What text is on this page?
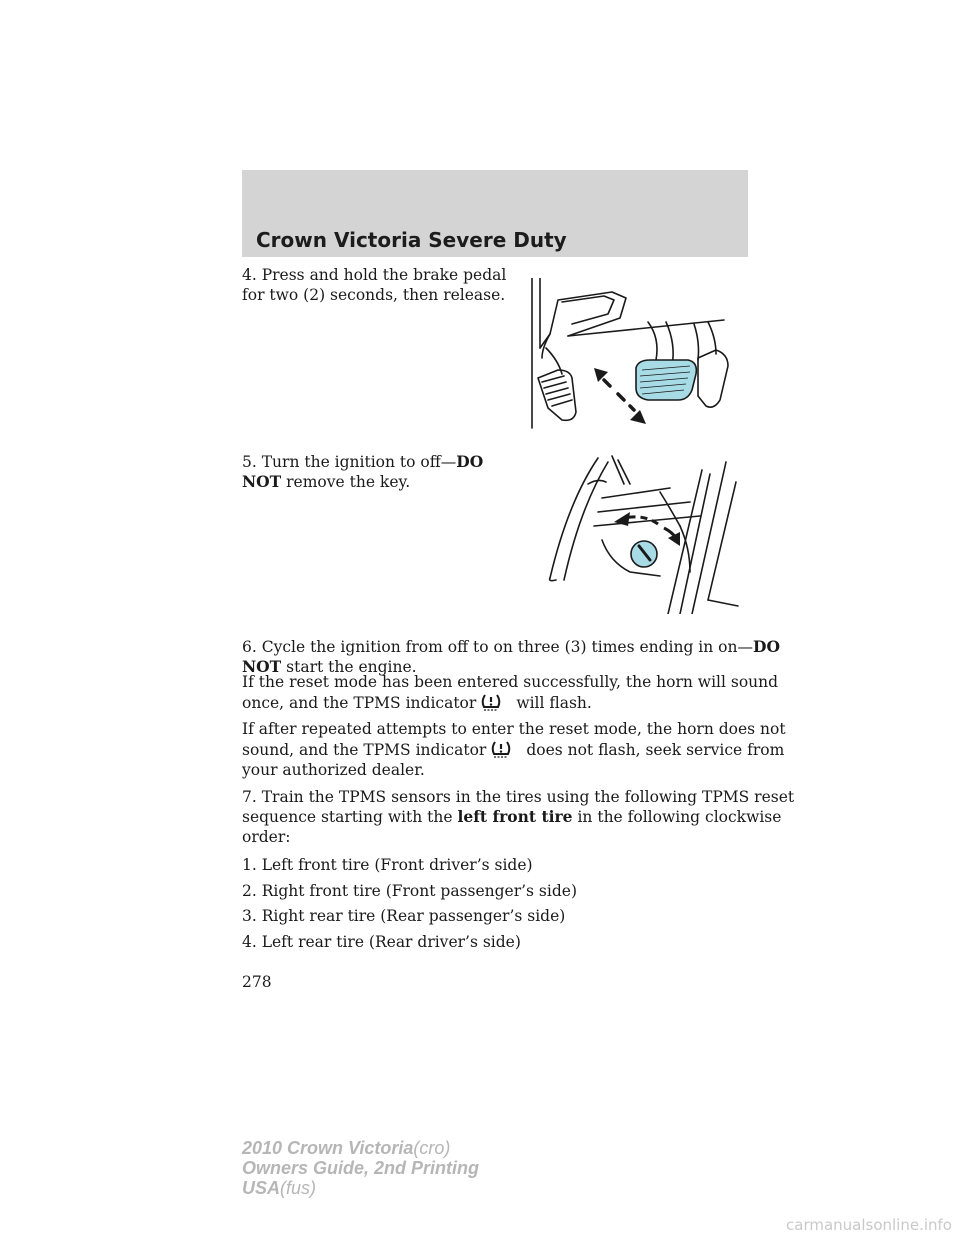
Crown Victoria Severe Duty

4. Press and hold the brake pedal
for two (2) seconds, then release.

5. Turn the ignition to off—DO
NOT remove the key.

6. Cycle the ignition from off to on three (3) times ending in on—DO
NOT start the engine.

If the reset mode has been entered successfully, the horn will sound
once, and the TPMS indicator	will flash.

If after repeated attempts to enter the reset mode, the horn does not
sound, and the TPMS indicator	does not flash, seek service from
your authorized dealer.

7. Train the TPMS sensors in the tires using the following TPMS reset
sequence starting with the left front tire in the following clockwise
order:

1. Left front tire (Front driver’s side)
2. Right front tire (Front passenger’s side)
3. Right rear tire (Rear passenger’s side)
4. Left rear tire (Rear driver’s side)
278
2010 Crown Victoria(cro)
Owners Guide, 2nd Printing
USA(fus)
carmanualsonline.info
